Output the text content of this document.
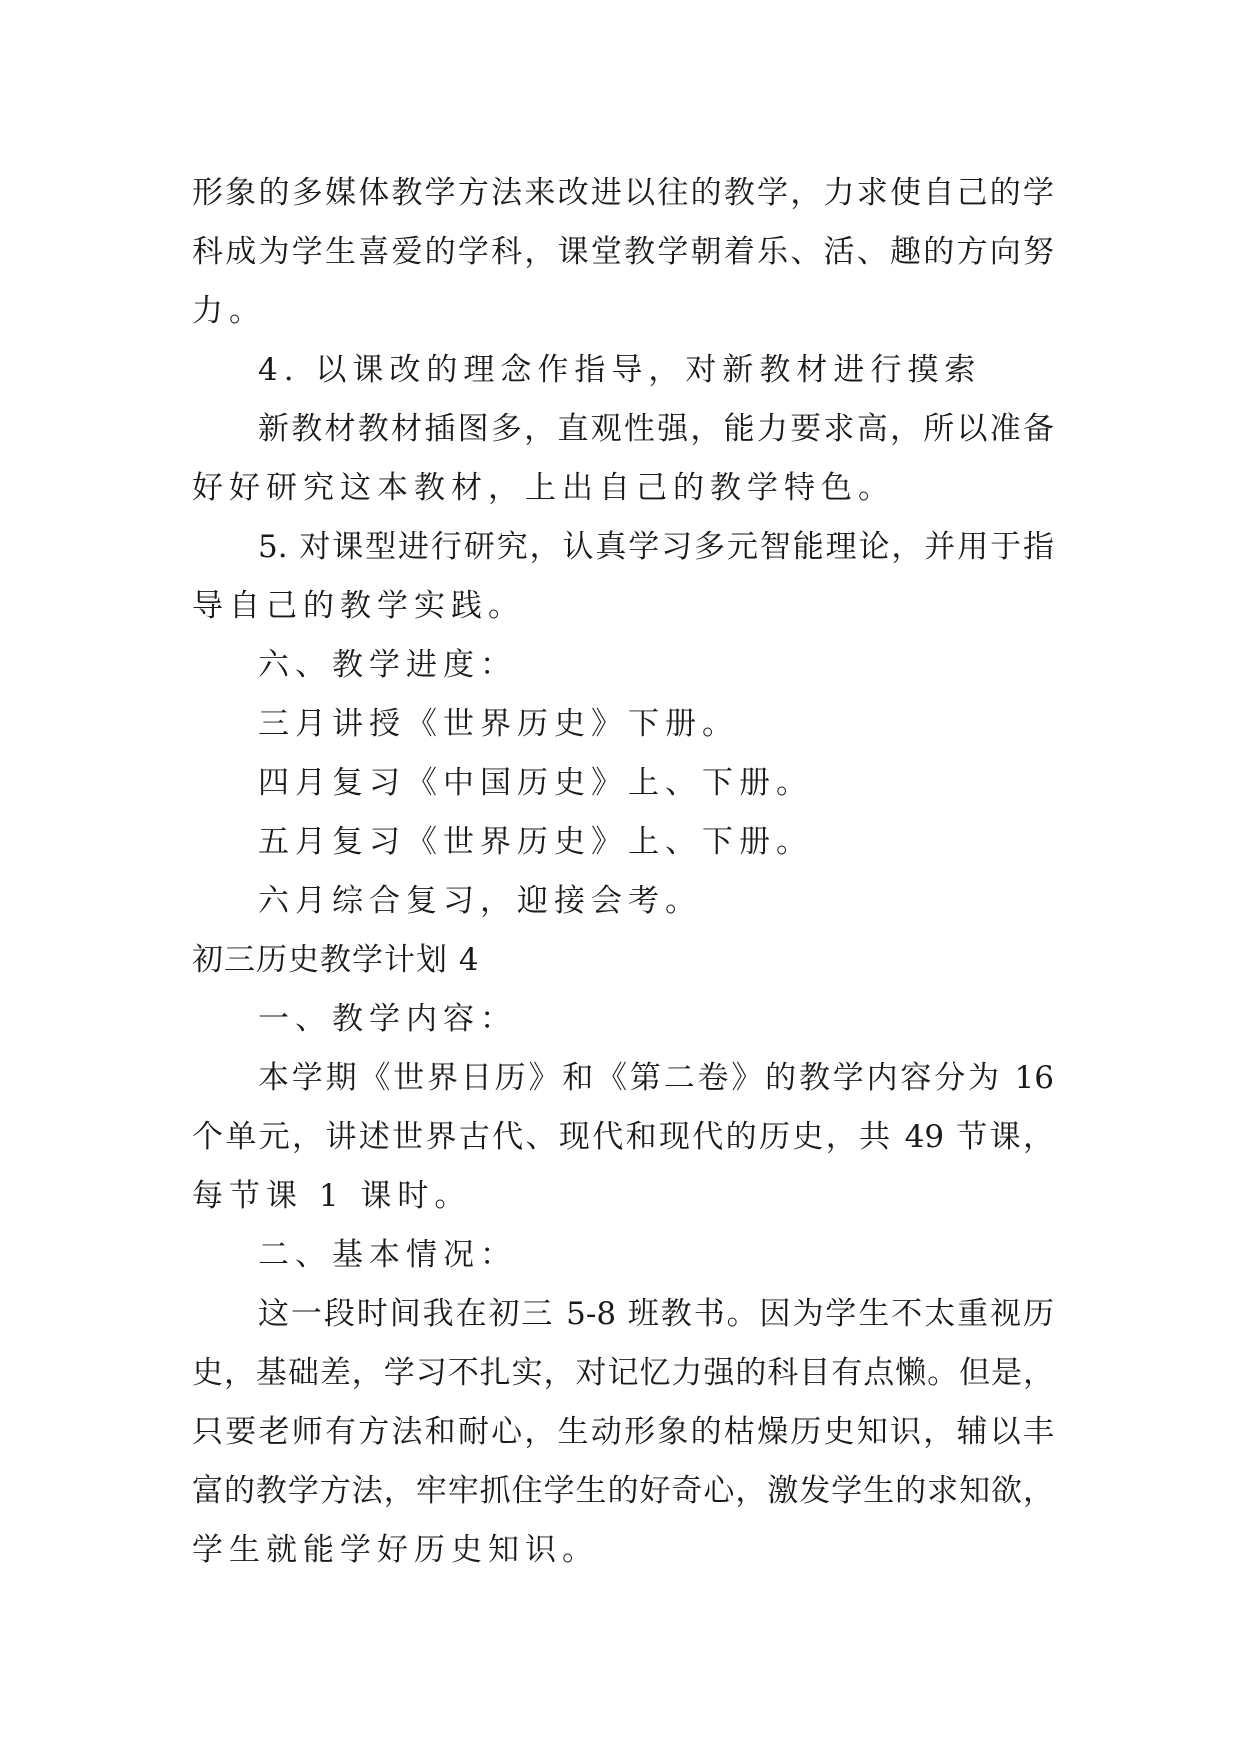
形象的多媒体教学方法来改进以往的教学，力求使自己的学

科成为学生喜爱的学科，课堂教学朝着乐、活、趣的方向努

力。

4. 以课改的理念作指导，对新教材进行摸索

新教材教材插图多，直观性强，能力要求高，所以准备

好好研究这本教材，上出自己的教学特色。

5. 对课型进行研究，认真学习多元智能理论，并用于指

导自己的教学实践。

六、教学进度：

三月讲授《世界历史》下册。

四月复习《中国历史》上、下册。

五月复习《世界历史》上、下册。

六月综合复习，迎接会考。

初三历史教学计划 4

一、教学内容：

本学期《世界日历》和《第二卷》的教学内容分为 16

个单元，讲述世界古代、现代和现代的历史，共 49 节课，

每节课 1 课时。

二、基本情况：

这一段时间我在初三 5-8 班教书。因为学生不太重视历

史，基础差，学习不扎实，对记忆力强的科目有点懒。但是，

只要老师有方法和耐心，生动形象的枯燥历史知识，辅以丰

富的教学方法，牢牢抓住学生的好奇心，激发学生的求知欲，

学生就能学好历史知识。
